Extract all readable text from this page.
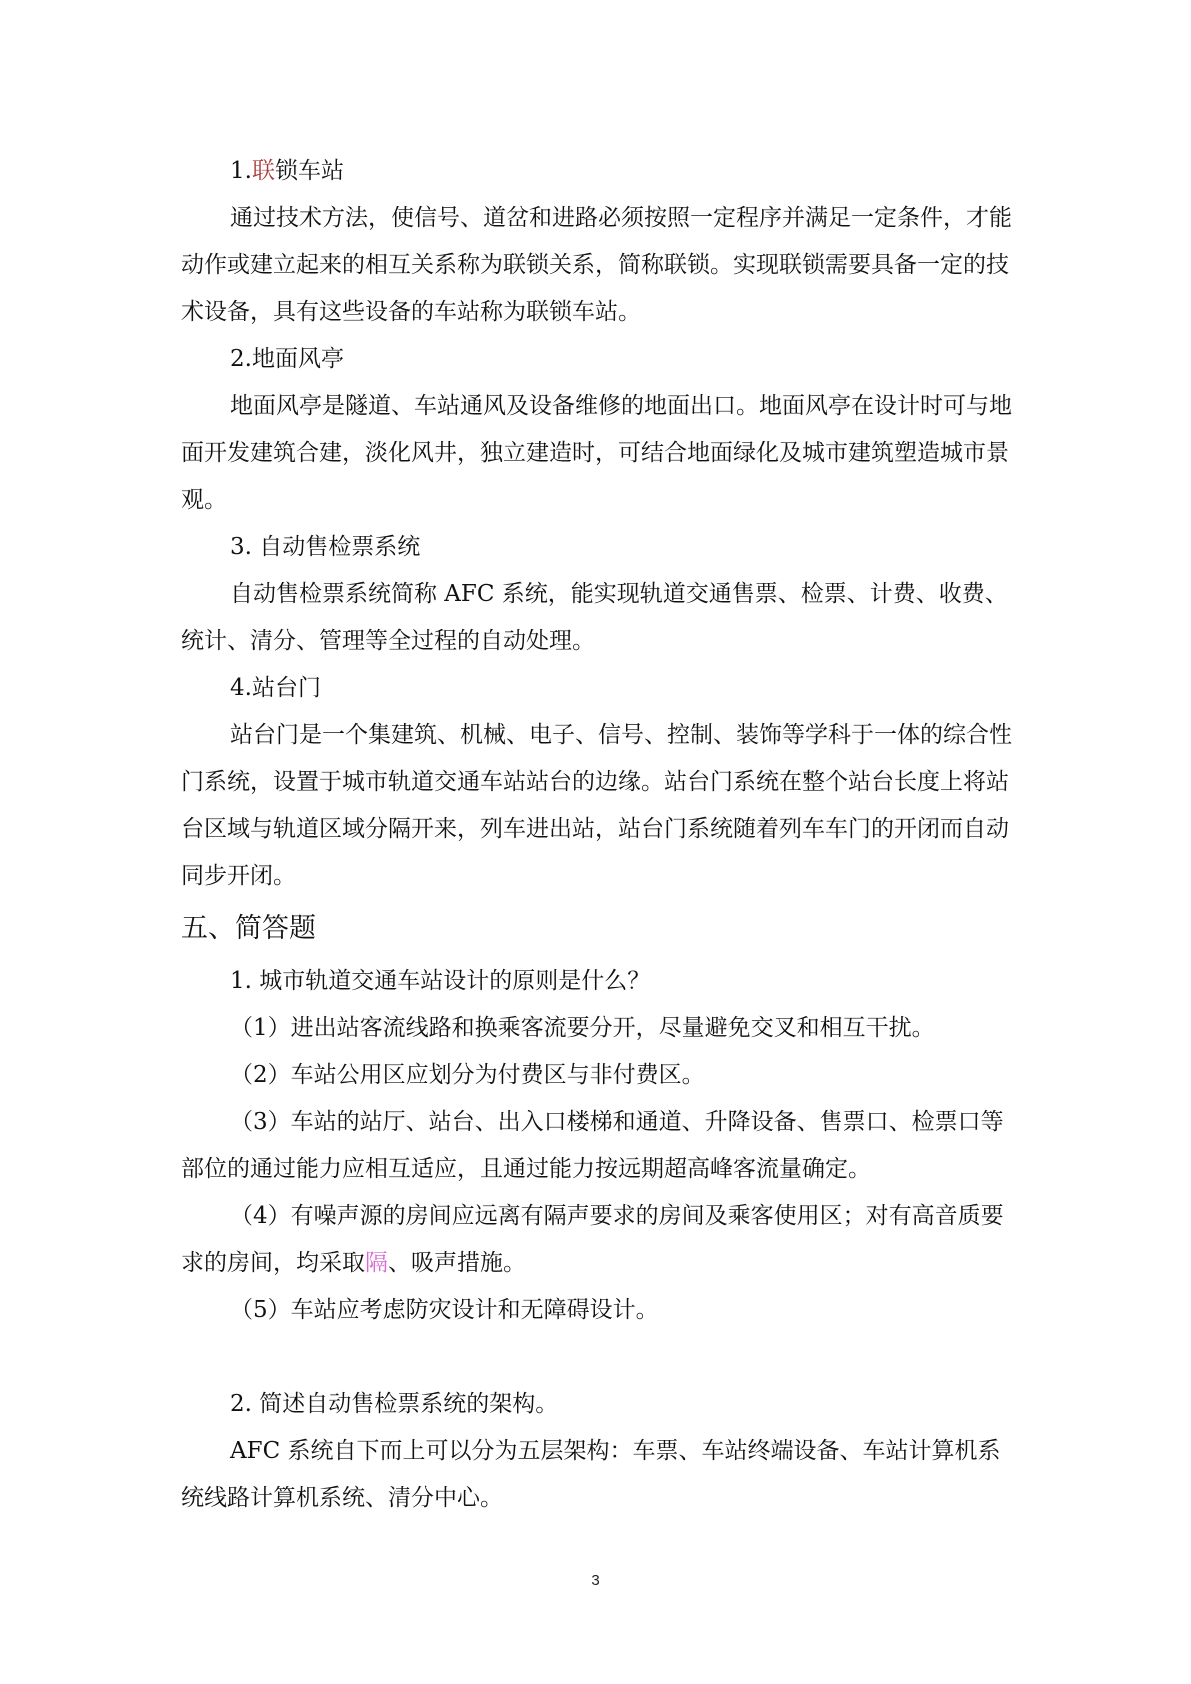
1.联锁车站

通过技术方法，使信号、道岔和进路必须按照一定程序并满足一定条件，才能动作或建立起来的相互关系称为联锁关系，简称联锁。实现联锁需要具备一定的技术设备，具有这些设备的车站称为联锁车站。

2.地面风亭

地面风亭是隧道、车站通风及设备维修的地面出口。地面风亭在设计时可与地面开发建筑合建，淡化风井，独立建造时，可结合地面绿化及城市建筑塑造城市景观。

3. 自动售检票系统

自动售检票系统简称 AFC 系统，能实现轨道交通售票、检票、计费、收费、统计、清分、管理等全过程的自动处理。

4.站台门

站台门是一个集建筑、机械、电子、信号、控制、装饰等学科于一体的综合性门系统，设置于城市轨道交通车站站台的边缘。站台门系统在整个站台长度上将站台区域与轨道区域分隔开来，列车进出站，站台门系统随着列车车门的开闭而自动同步开闭。

五、简答题

1. 城市轨道交通车站设计的原则是什么？

（1）进出站客流线路和换乘客流要分开，尽量避免交叉和相互干扰。

（2）车站公用区应划分为付费区与非付费区。

（3）车站的站厅、站台、出入口楼梯和通道、升降设备、售票口、检票口等部位的通过能力应相互适应，且通过能力按远期超高峰客流量确定。

（4）有噪声源的房间应远离有隔声要求的房间及乘客使用区；对有高音质要求的房间，均采取隔、吸声措施。

（5）车站应考虑防灾设计和无障碍设计。

2. 简述自动售检票系统的架构。

AFC 系统自下而上可以分为五层架构：车票、车站终端设备、车站计算机系统线路计算机系统、清分中心。

3
